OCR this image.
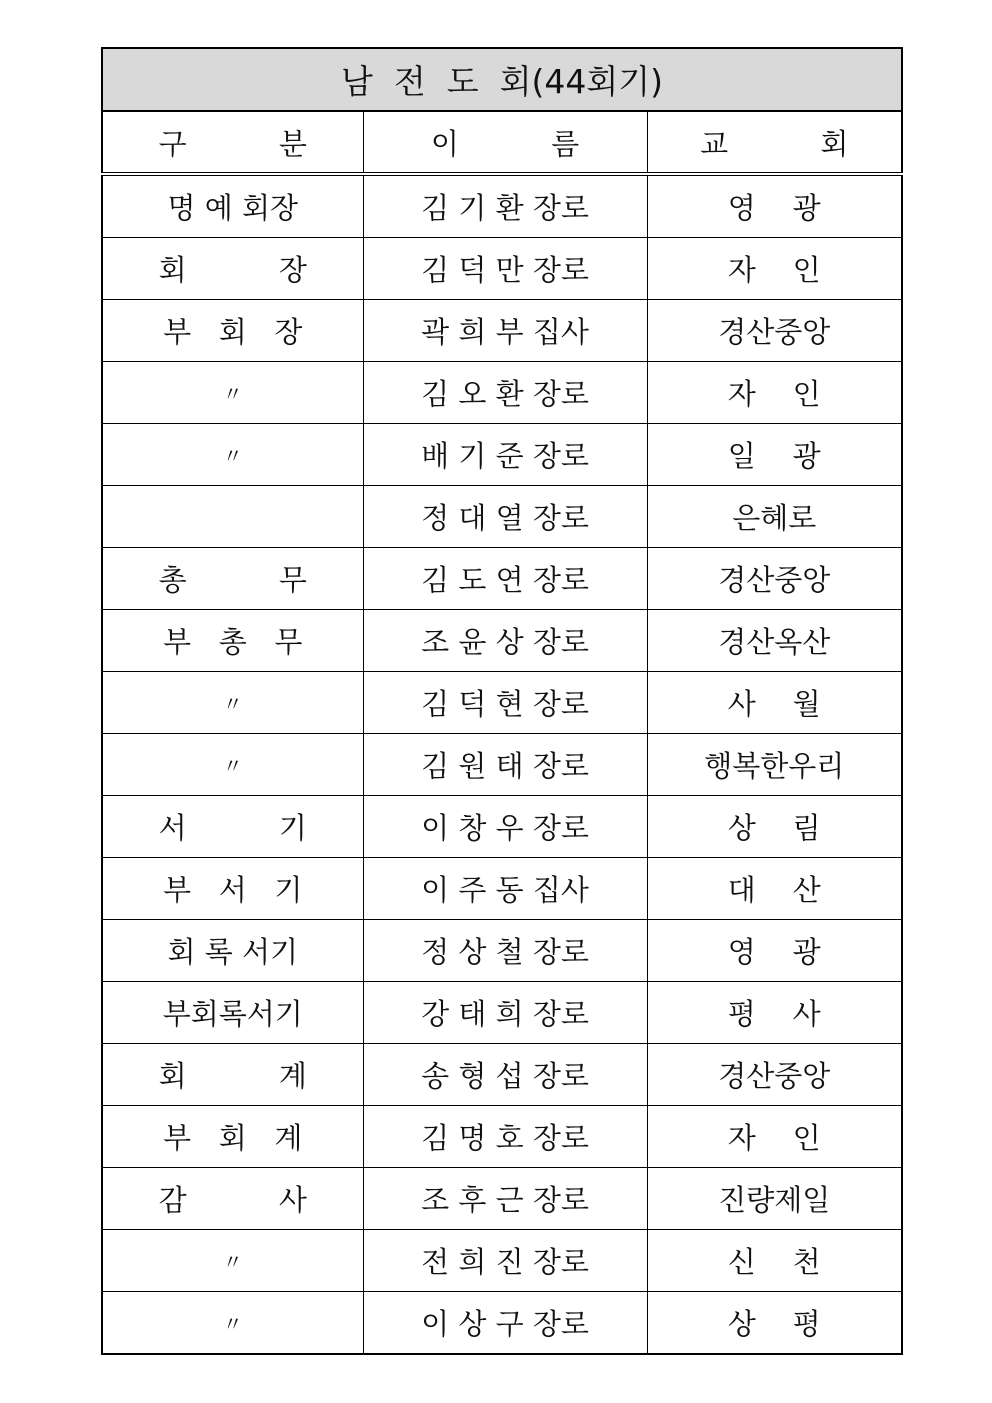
남  전  도  회(44회기)		
구          분	이          름	교          회
명 예 회장	김 기 환 장로	영    광
회          장	김 덕 만 장로	자    인
부   회   장	곽 희 부 집사	경산중앙
〃	김 오 환 장로	자    인
〃	배 기 준 장로	일    광
	정 대 열 장로	은혜로
총          무	김 도 연 장로	경산중앙
부   총   무	조 윤 상 장로	경산옥산
〃	김 덕 현 장로	사    월
〃	김 원 태 장로	행복한우리
서          기	이 창 우 장로	상    림
부   서   기	이 주 동 집사	대    산
회 록 서기	정 상 철 장로	영    광
부회록서기	강 태 희 장로	평    사
회          계	송 형 섭 장로	경산중앙
부   회   계	김 명 호 장로	자    인
감          사	조 후 근 장로	진량제일
〃	전 희 진 장로	신    천
〃	이 상 구 장로	상    평
